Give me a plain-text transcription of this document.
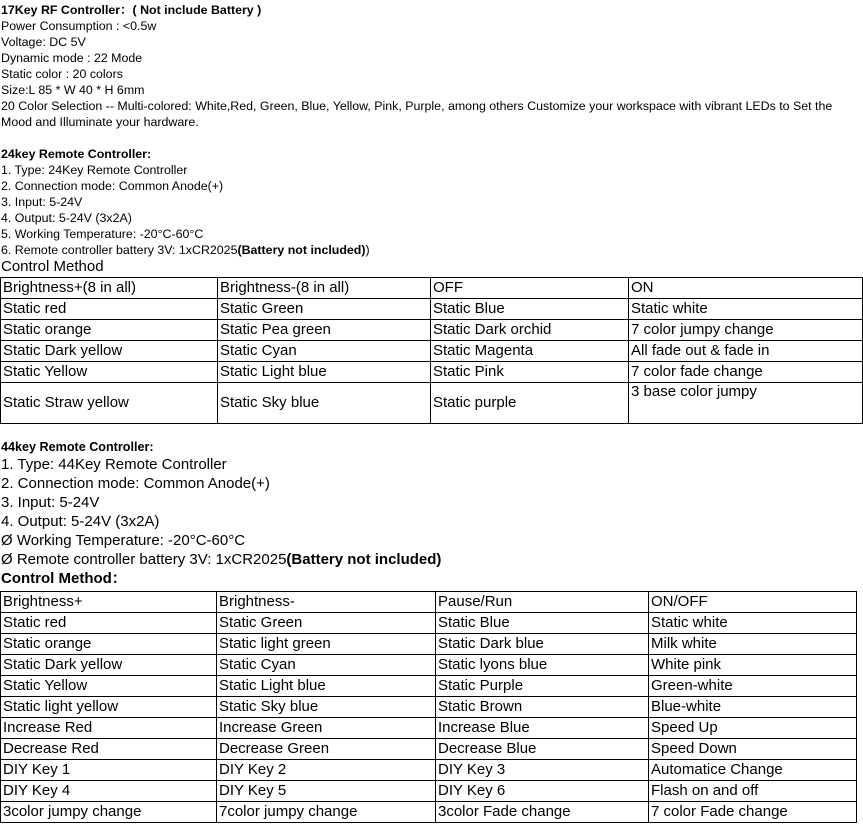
17Key RF Controller：( Not include Battery )
Power Consumption : <0.5w
Voltage: DC 5V
Dynamic mode : 22 Mode
Static color : 20 colors
Size:L 85 * W 40 * H 6mm
20 Color Selection -- Multi-colored: White,Red, Green, Blue, Yellow, Pink, Purple, among others Customize your workspace with vibrant LEDs to Set the Mood and Illuminate your hardware.
24key Remote Controller:
1. Type: 24Key Remote Controller
2. Connection mode: Common Anode(+)
3. Input: 5-24V
4. Output: 5-24V (3x2A)
5. Working Temperature: -20°C-60°C
6. Remote controller battery 3V: 1xCR2025(Battery not included))
Control Method
Brightness+(8 in all)	Brightness-(8 in all)	OFF	ON
Static red	Static Green	Static Blue	Static white
Static orange	Static Pea green	Static Dark orchid	7 color jumpy change
Static Dark yellow	Static Cyan	Static Magenta	All fade out & fade in
Static Yellow	Static Light blue	Static Pink	7 color fade change
Static Straw yellow	Static Sky blue	Static purple	3 base color jumpy
44key Remote Controller:
1. Type: 44Key Remote Controller
2. Connection mode: Common Anode(+)
3. Input: 5-24V
4. Output: 5-24V (3x2A)
Ø Working Temperature: -20°C-60°C
Ø Remote controller battery 3V: 1xCR2025(Battery not included)
Control Method：
Brightness+	Brightness-	Pause/Run	ON/OFF
Static red	Static Green	Static Blue	Static white
Static orange	Static light green	Static Dark blue	Milk white
Static Dark yellow	Static Cyan	Static lyons blue	White pink
Static Yellow	Static Light blue	Static Purple	Green-white
Static light yellow	Static Sky blue	Static Brown	Blue-white
Increase Red	Increase Green	Increase Blue	Speed Up
Decrease Red	Decrease Green	Decrease Blue	Speed Down
DIY Key 1	DIY Key 2	DIY Key 3	Automatice Change
DIY Key 4	DIY Key 5	DIY Key 6	Flash on and off
3color jumpy change	7color jumpy change	3color Fade change	7 color Fade change
